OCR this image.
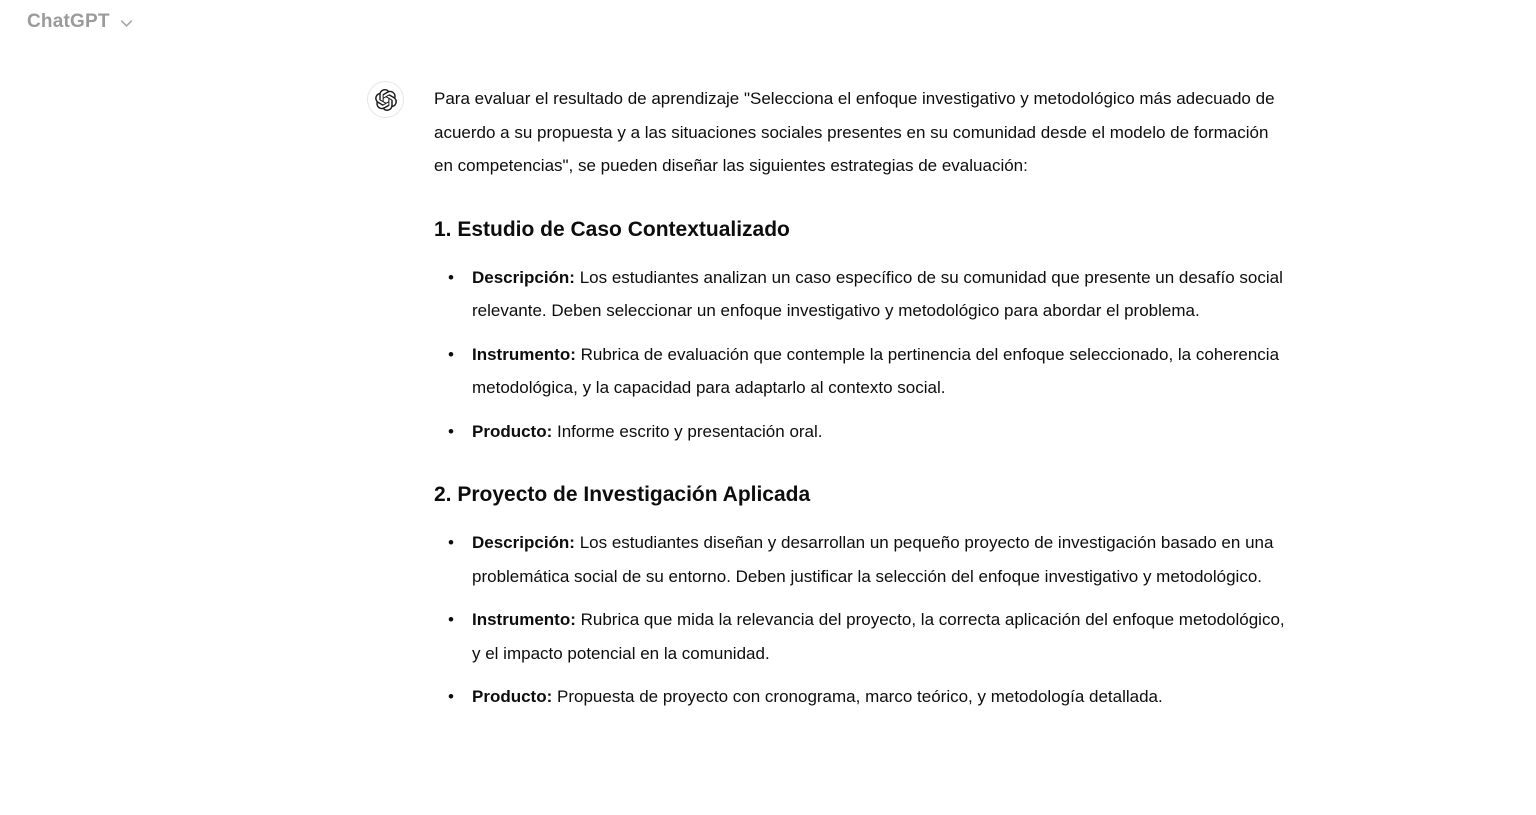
ChatGPT

Para evaluar el resultado de aprendizaje "Selecciona el enfoque investigativo y metodológico más adecuado de acuerdo a su propuesta y a las situaciones sociales presentes en su comunidad desde el modelo de formación en competencias", se pueden diseñar las siguientes estrategias de evaluación:

1. Estudio de Caso Contextualizado
• Descripción: Los estudiantes analizan un caso específico de su comunidad que presente un desafío social relevante. Deben seleccionar un enfoque investigativo y metodológico para abordar el problema.
• Instrumento: Rubrica de evaluación que contemple la pertinencia del enfoque seleccionado, la coherencia metodológica, y la capacidad para adaptarlo al contexto social.
• Producto: Informe escrito y presentación oral.
2. Proyecto de Investigación Aplicada
• Descripción: Los estudiantes diseñan y desarrollan un pequeño proyecto de investigación basado en una problemática social de su entorno. Deben justificar la selección del enfoque investigativo y metodológico.
• Instrumento: Rubrica que mida la relevancia del proyecto, la correcta aplicación del enfoque metodológico, y el impacto potencial en la comunidad.
• Producto: Propuesta de proyecto con cronograma, marco teórico, y metodología detallada.
